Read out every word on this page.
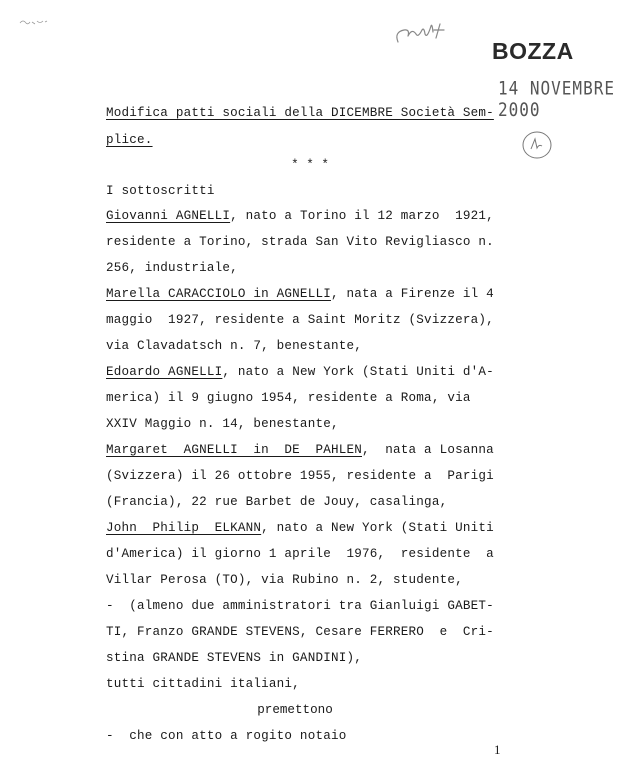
BOZZA
14 NOVEMBRE 2000
Modifica patti sociali della DICEMBRE Società Sem-
plice.
* * *
I sottoscritti
Giovanni AGNELLI, nato a Torino il 12 marzo  1921,
residente a Torino, strada San Vito Revigliasco n.
256, industriale,
Marella CARACCIOLO in AGNELLI, nata a Firenze il 4
maggio  1927, residente a Saint Moritz (Svizzera),
via Clavadatsch n. 7, benestante,
Edoardo AGNELLI, nato a New York (Stati Uniti d'A-
merica) il 9 giugno 1954, residente a Roma, via
XXIV Maggio n. 14, benestante,
Margaret  AGNELLI  in  DE  PAHLEN,  nata a Losanna
(Svizzera) il 26 ottobre 1955, residente a  Parigi
(Francia), 22 rue Barbet de Jouy, casalinga,
John  Philip  ELKANN, nato a New York (Stati Uniti
d'America) il giorno 1 aprile  1976,  residente  a
Villar Perosa (TO), via Rubino n. 2, studente,
-  (almeno due amministratori tra Gianluigi GABET-
TI, Franzo GRANDE STEVENS, Cesare FERRERO  e  Cri-
stina GRANDE STEVENS in GANDINI),
tutti cittadini italiani,
premettono
-  che con atto a rogito notaio
1
